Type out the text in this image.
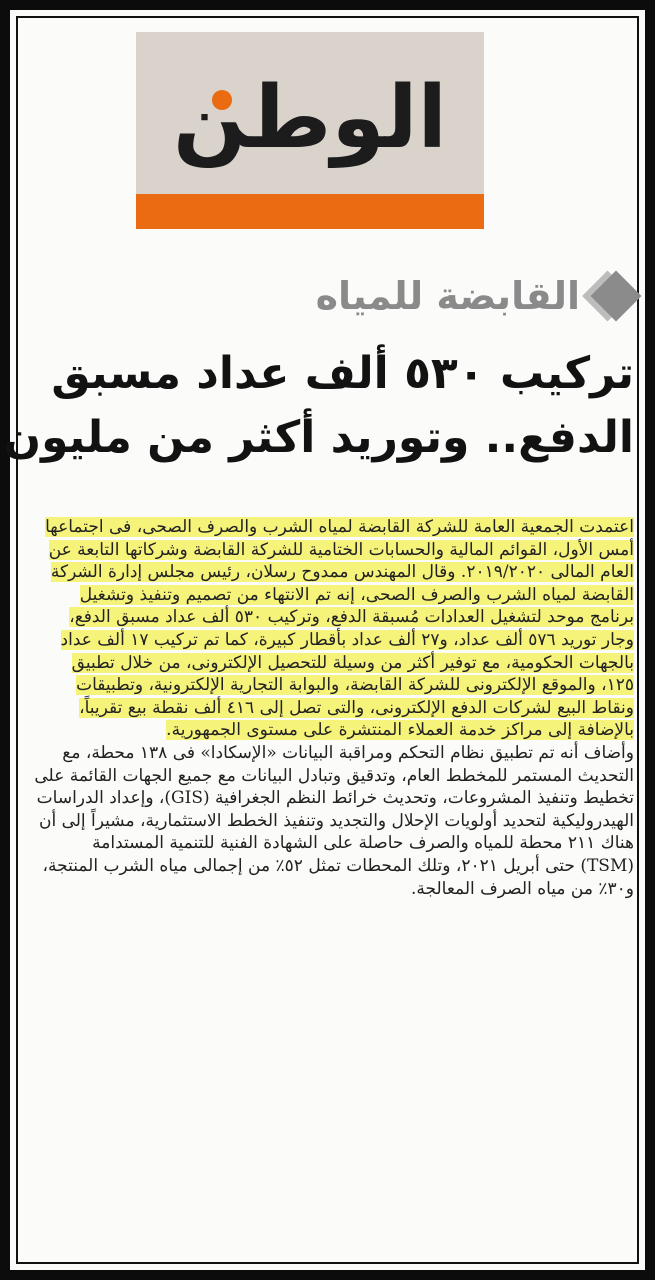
الوطن
القابضة للمياه
تركيب ٥٣٠ ألف عداد مسبق
الدفع.. وتوريد أكثر من مليون

اعتمدت الجمعية العامة للشركة القابضة لمياه الشرب والصرف الصحى، فى اجتماعها أمس الأول، القوائم المالية والحسابات الختامية للشركة القابضة وشركاتها التابعة عن العام المالى ٢٠١٩/٢٠٢٠. وقال المهندس ممدوح رسلان، رئيس مجلس إدارة الشركة القابضة لمياه الشرب والصرف الصحى، إنه تم الانتهاء من تصميم وتنفيذ وتشغيل برنامج موحد لتشغيل العدادات مُسبقة الدفع، وتركيب ٥٣٠ ألف عداد مسبق الدفع، وجار توريد ٥٧٦ ألف عداد، و٢٧ ألف عداد بأقطار كبيرة، كما تم تركيب ١٧ ألف عداد بالجهات الحكومية، مع توفير أكثر من وسيلة للتحصيل الإلكترونى، من خلال تطبيق ١٢٥، والموقع الإلكترونى للشركة القابضة، والبوابة التجارية الإلكترونية، وتطبيقات ونقاط البيع لشركات الدفع الإلكترونى، والتى تصل إلى ٤١٦ ألف نقطة بيع تقريباً، بالإضافة إلى مراكز خدمة العملاء المنتشرة على مستوى الجمهورية.

وأضاف أنه تم تطبيق نظام التحكم ومراقبة البيانات «الإسكادا» فى ١٣٨ محطة، مع التحديث المستمر للمخطط العام، وتدقيق وتبادل البيانات مع جميع الجهات القائمة على تخطيط وتنفيذ المشروعات، وتحديث خرائط النظم الجغرافية (GIS)، وإعداد الدراسات الهيدروليكية لتحديد أولويات الإحلال والتجديد وتنفيذ الخطط الاستثمارية، مشيراً إلى أن هناك ٢١١ محطة للمياه والصرف حاصلة على الشهادة الفنية للتنمية المستدامة (TSM) حتى أبريل ٢٠٢١، وتلك المحطات تمثل ٥٢٪ من إجمالى مياه الشرب المنتجة، و٣٠٪ من مياه الصرف المعالجة.
